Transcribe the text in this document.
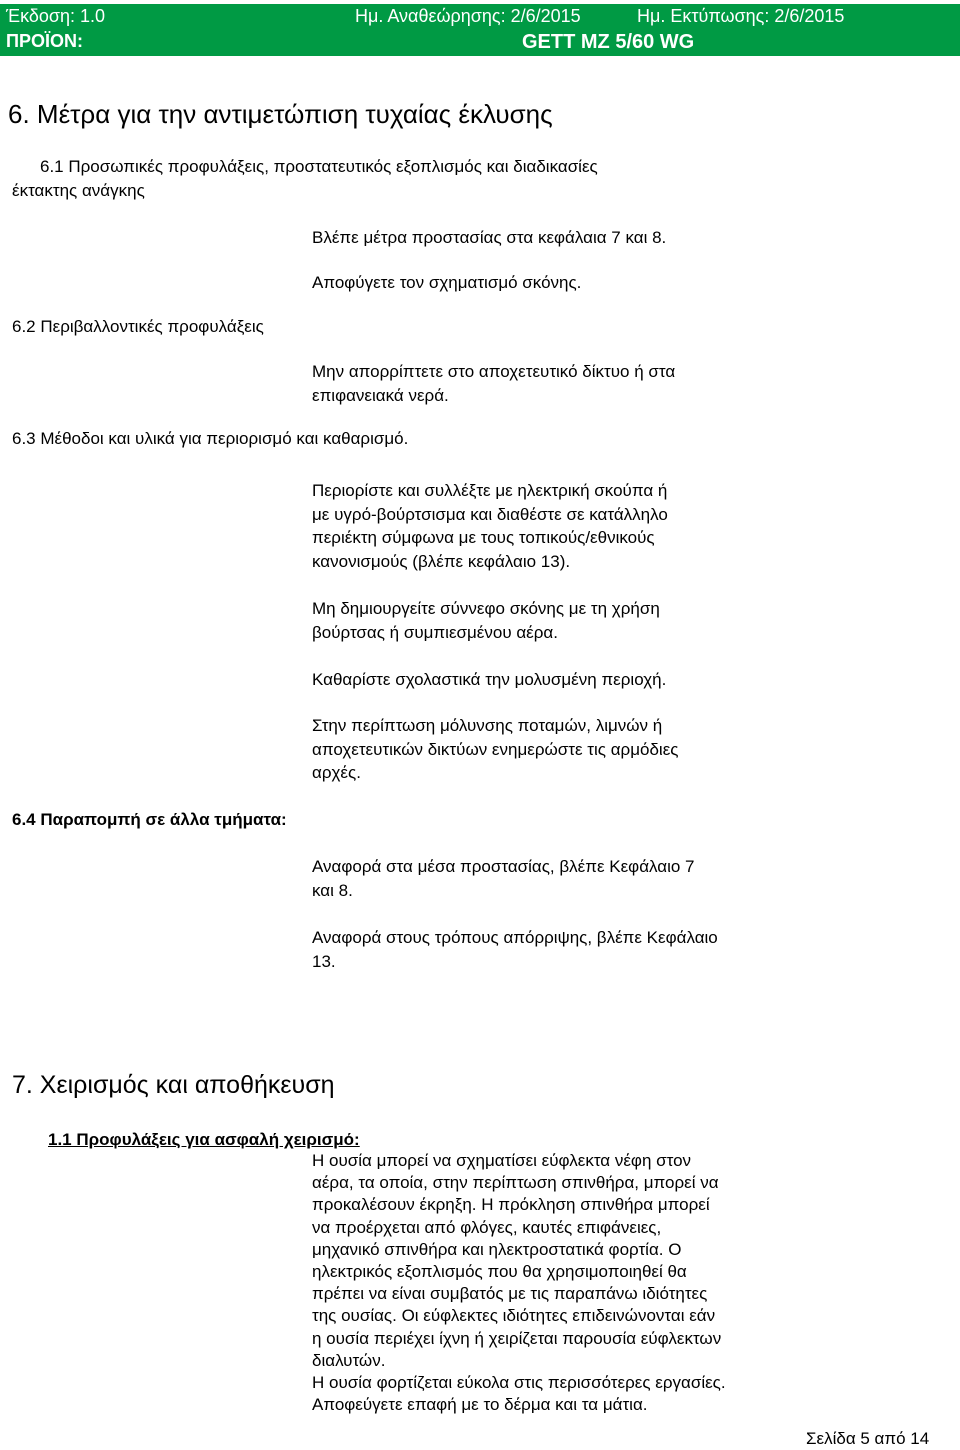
Έκδοση: 1.0	Ημ. Αναθεώρησης: 2/6/2015	Ημ. Εκτύπωσης: 2/6/2015
ΠΡΟΪΟΝ:	GETT MZ 5/60 WG
6. Μέτρα για την αντιμετώπιση τυχαίας έκλυσης
6.1 Προσωπικές προφυλάξεις, προστατευτικός εξοπλισμός και διαδικασίες
έκτακτης ανάγκης
Βλέπε μέτρα προστασίας στα κεφάλαια 7 και 8.
Αποφύγετε τον σχηματισμό σκόνης.
6.2 Περιβαλλοντικές προφυλάξεις
Μην απορρίπτετε στο αποχετευτικό δίκτυο ή στα
επιφανειακά νερά.
6.3 Μέθοδοι και υλικά για περιορισμό και καθαρισμό.
Περιορίστε και συλλέξτε με ηλεκτρική σκούπα ή
με υγρό-βούρτσισμα και διαθέστε σε κατάλληλο
περιέκτη σύμφωνα με τους τοπικούς/εθνικούς
κανονισμούς (βλέπε κεφάλαιο 13).
Μη δημιουργείτε σύννεφο σκόνης με τη χρήση
βούρτσας ή συμπιεσμένου αέρα.
Καθαρίστε σχολαστικά την μολυσμένη περιοχή.
Στην περίπτωση μόλυνσης ποταμών, λιμνών ή
αποχετευτικών δικτύων ενημερώστε τις αρμόδιες
αρχές.
6.4 Παραπομπή σε άλλα τμήματα:
Αναφορά στα μέσα προστασίας, βλέπε Κεφάλαιο 7
και 8.
Αναφορά στους τρόπους απόρριψης, βλέπε Κεφάλαιο
13.
7. Χειρισμός και αποθήκευση
1.1 Προφυλάξεις για ασφαλή χειρισμό:
Η ουσία μπορεί να σχηματίσει εύφλεκτα νέφη στον
αέρα, τα οποία, στην περίπτωση σπινθήρα, μπορεί να
προκαλέσουν έκρηξη. Η πρόκληση σπινθήρα μπορεί
να προέρχεται από φλόγες, καυτές επιφάνειες,
μηχανικό σπινθήρα και ηλεκτροστατικά φορτία. Ο
ηλεκτρικός εξοπλισμός που θα χρησιμοποιηθεί θα
πρέπει να είναι συμβατός με τις παραπάνω ιδιότητες
της ουσίας. Οι εύφλεκτες ιδιότητες επιδεινώνονται εάν
η ουσία περιέχει ίχνη ή χειρίζεται παρουσία εύφλεκτων
διαλυτών.
Η ουσία φορτίζεται εύκολα στις περισσότερες εργασίες.
Αποφεύγετε επαφή με το δέρμα και τα μάτια.
Σελίδα 5 από 14
